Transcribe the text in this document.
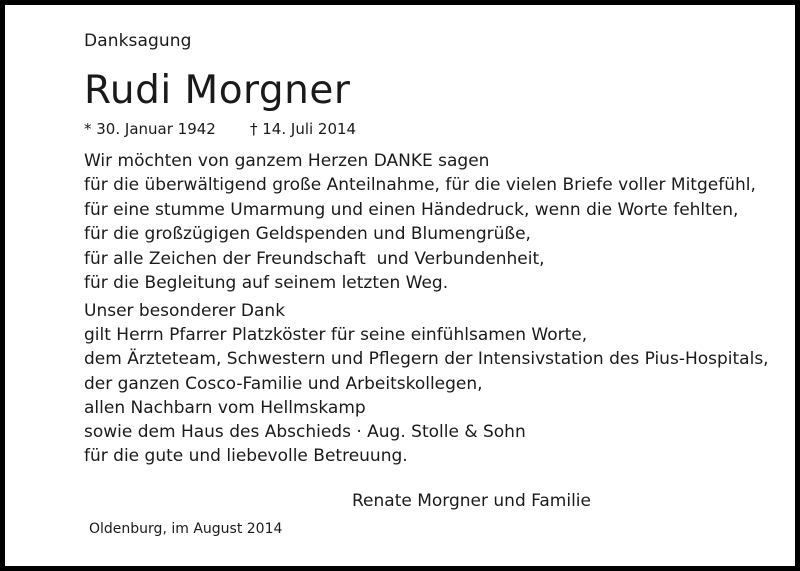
Danksagung
Rudi Morgner
* 30. Januar 1942 † 14. Juli 2014
Wir möchten von ganzem Herzen DANKE sagen
für die überwältigend große Anteilnahme, für die vielen Briefe voller Mitgefühl,
für eine stumme Umarmung und einen Händedruck, wenn die Worte fehlten,
für die großzügigen Geldspenden und Blumengrüße,
für alle Zeichen der Freundschaft  und Verbundenheit,
für die Begleitung auf seinem letzten Weg.
Unser besonderer Dank
gilt Herrn Pfarrer Platzköster für seine einfühlsamen Worte,
dem Ärzteteam, Schwestern und Pflegern der Intensivstation des Pius-Hospitals,
der ganzen Cosco-Familie und Arbeitskollegen,
allen Nachbarn vom Hellmskamp
sowie dem Haus des Abschieds · Aug. Stolle & Sohn
für die gute und liebevolle Betreuung.
Renate Morgner und Familie
Oldenburg, im August 2014
